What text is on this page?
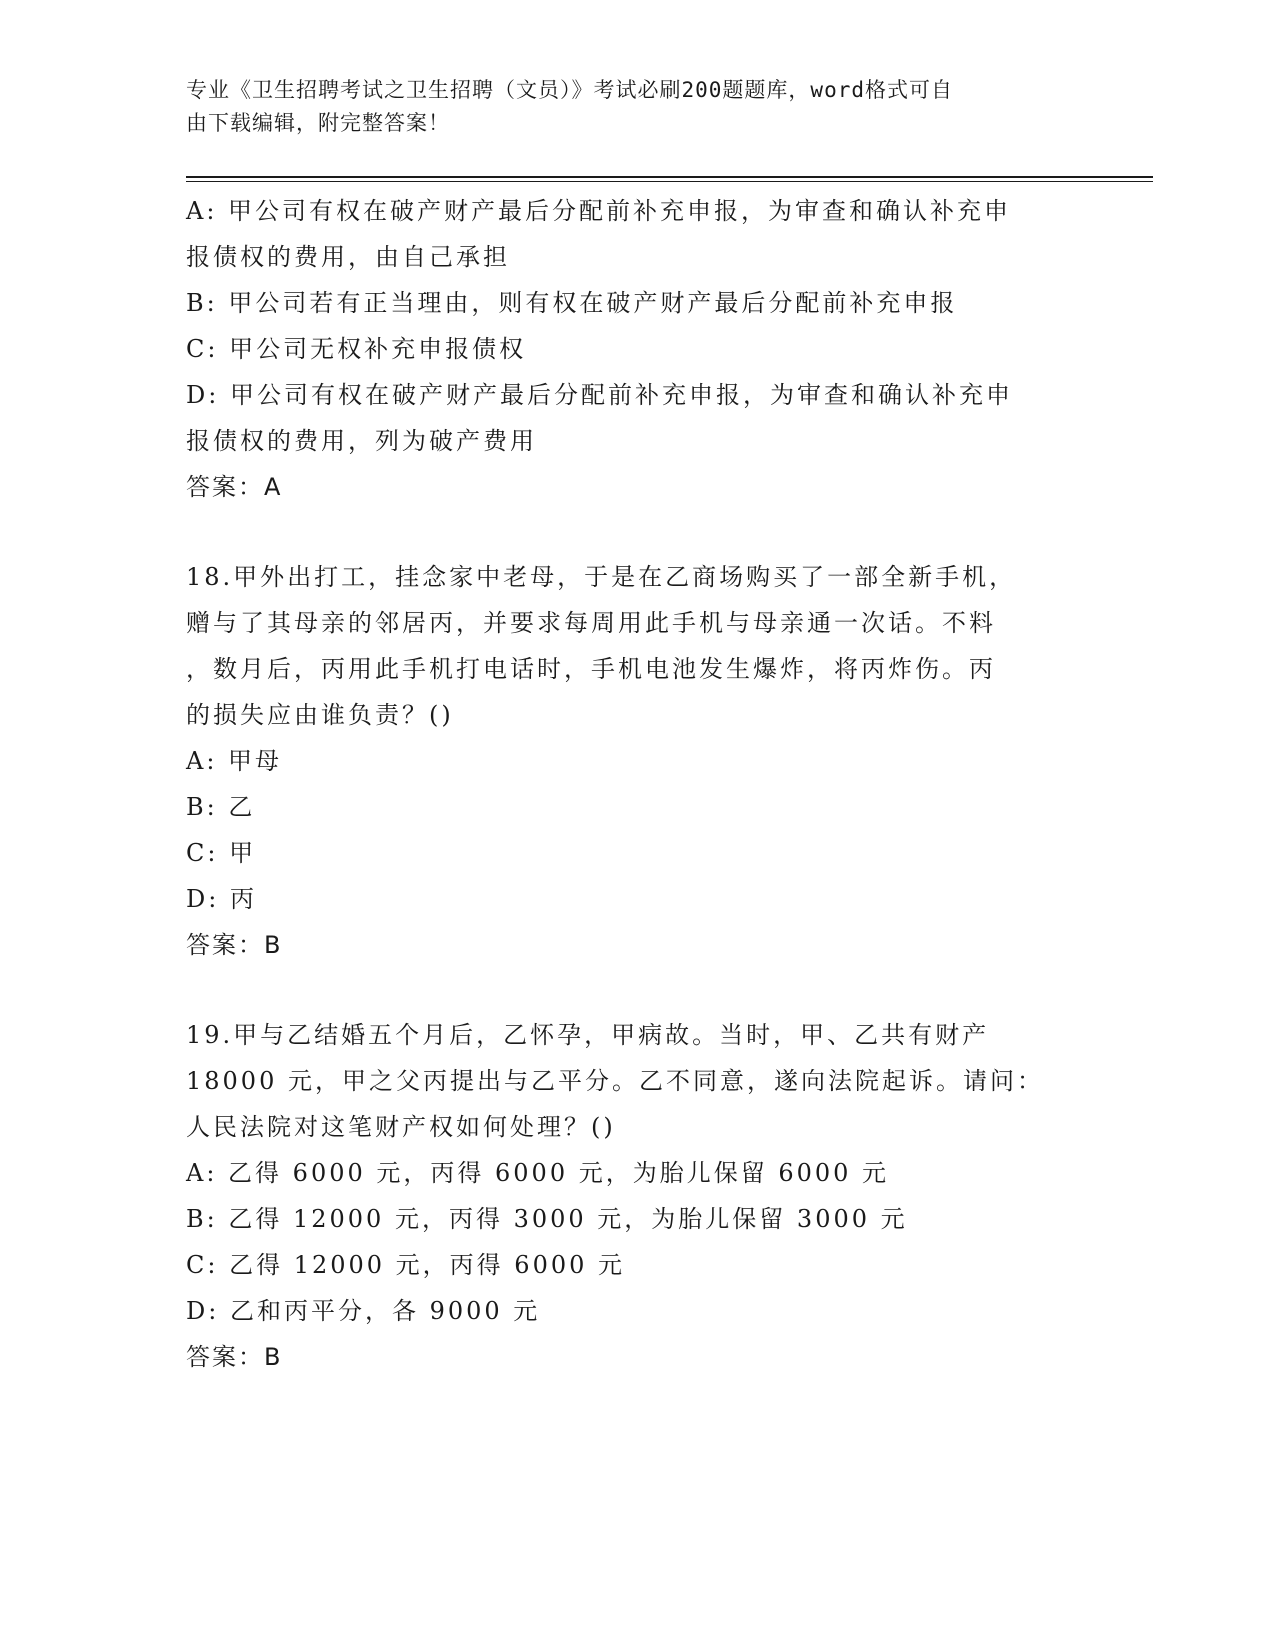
专业《卫生招聘考试之卫生招聘（文员）》考试必刷200题题库，word格式可自
由下载编辑，附完整答案！
A: 甲公司有权在破产财产最后分配前补充申报，为审查和确认补充申
报债权的费用，由自己承担
B: 甲公司若有正当理由，则有权在破产财产最后分配前补充申报
C: 甲公司无权补充申报债权
D: 甲公司有权在破产财产最后分配前补充申报，为审查和确认补充申
报债权的费用，列为破产费用
答案：A
18.甲外出打工，挂念家中老母，于是在乙商场购买了一部全新手机，
赠与了其母亲的邻居丙，并要求每周用此手机与母亲通一次话。不料
，数月后，丙用此手机打电话时，手机电池发生爆炸，将丙炸伤。丙
的损失应由谁负责？()
A: 甲母
B: 乙
C: 甲
D: 丙
答案：B
19.甲与乙结婚五个月后，乙怀孕，甲病故。当时，甲、乙共有财产
18000 元，甲之父丙提出与乙平分。乙不同意，遂向法院起诉。请问：
人民法院对这笔财产权如何处理？()
A: 乙得 6000 元，丙得 6000 元，为胎儿保留 6000 元
B: 乙得 12000 元，丙得 3000 元，为胎儿保留 3000 元
C: 乙得 12000 元，丙得 6000 元
D: 乙和丙平分，各 9000 元
答案：B
